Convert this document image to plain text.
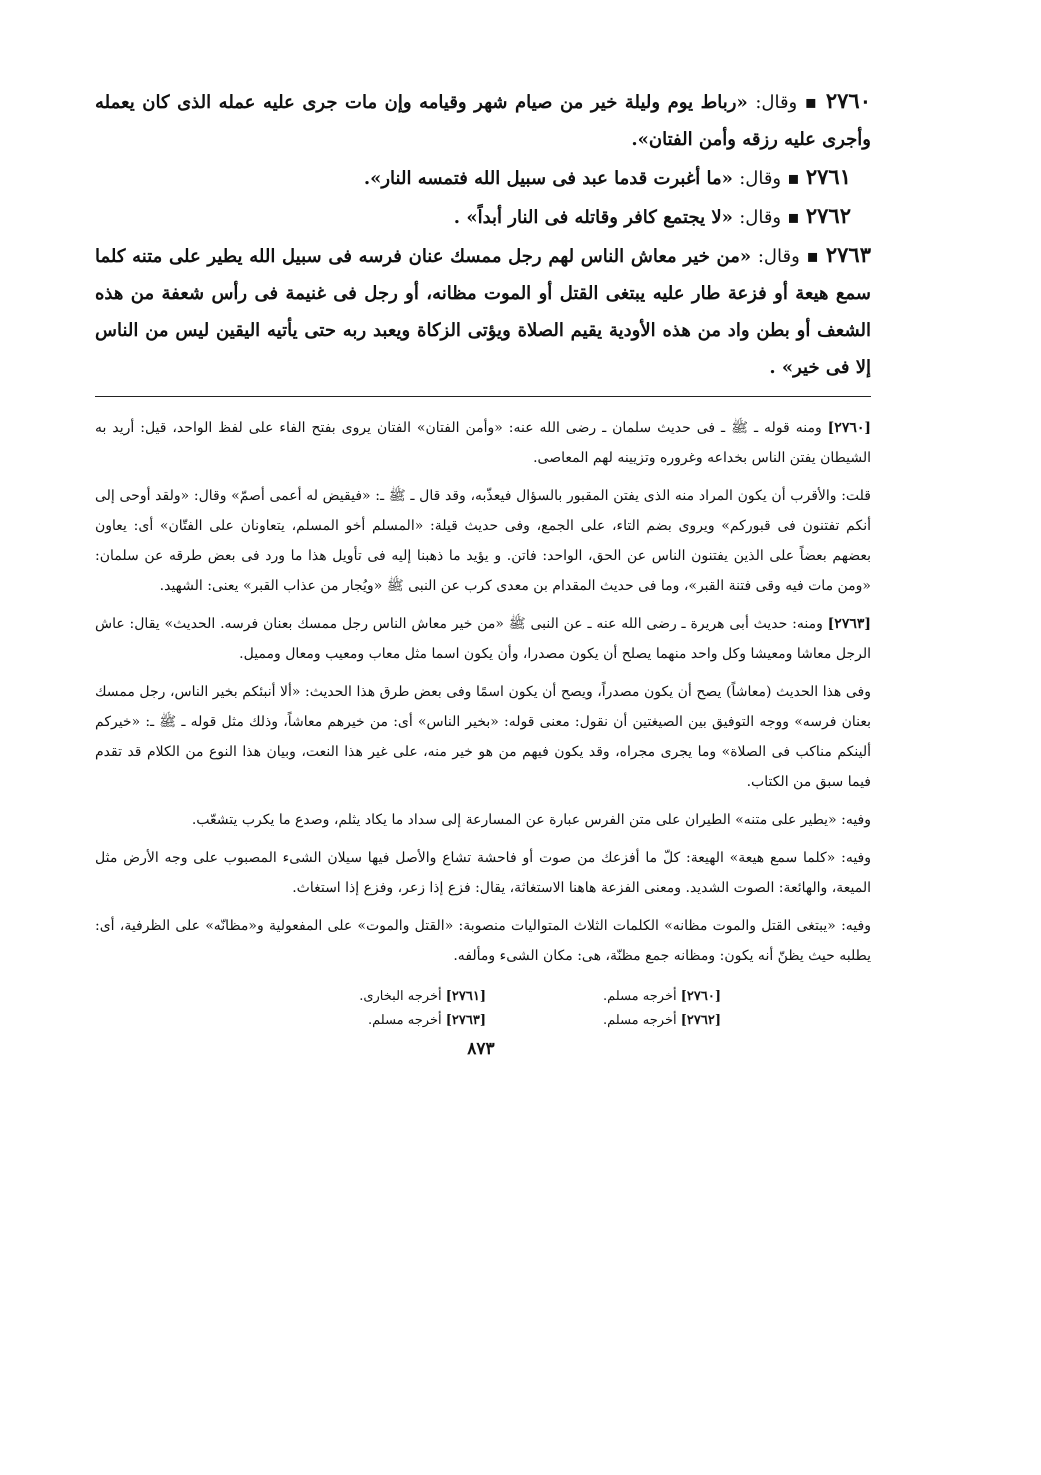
٢٧٦٠ ▪ وقال: «رباط يوم وليلة خير من صيام شهر وقيامه وإن مات جرى عليه عمله الذى كان يعمله وأجرى عليه رزقه وأمن الفتان».

٢٧٦١ ▪ وقال: «ما أغبرت قدما عبد فى سبيل الله فتمسه النار».

٢٧٦٢ ▪ وقال: «لا يجتمع كافر وقاتله فى النار أبداً» .

٢٧٦٣ ▪ وقال: «من خير معاش الناس لهم رجل ممسك عنان فرسه فى سبيل الله يطير على متنه كلما سمع هيعة أو فزعة طار عليه يبتغى القتل أو الموت مظانه، أو رجل فى غنيمة فى رأس شعفة من هذه الشعف أو بطن واد من هذه الأودية يقيم الصلاة ويؤتى الزكاة ويعبد ربه حتى يأتيه اليقين ليس من الناس إلا فى خير» .

[٢٧٦٠] ومنه قوله ـ ﷺ ـ فى حديث سلمان ـ رضى الله عنه: «وأمن الفتان» الفتان يروى بفتح الفاء على لفظ الواحد، قيل: أريد به الشيطان يفتن الناس بخداعه وغروره وتزيينه لهم المعاصى.

قلت: والأقرب أن يكون المراد منه الذى يفتن المقبور بالسؤال فيعذّبه، وقد قال ـ ﷺ ـ: «فيقيض له أعمى أصمّ» وقال: «ولقد أوحى إلى أنكم تفتنون فى قبوركم» ويروى بضم التاء، على الجمع، وفى حديث قيلة: «المسلم أخو المسلم، يتعاونان على الفتّان» أى: يعاون بعضهم بعضاً على الذين يفتنون الناس عن الحق، الواحد: فاتن. و يؤيد ما ذهبنا إليه فى تأويل هذا ما ورد فى بعض طرقه عن سلمان: «ومن مات فيه وقى فتنة القبر»، وما فى حديث المقدام بن معدى كرب عن النبى ﷺ «ويُجار من عذاب القبر» يعنى: الشهيد.

[٢٧٦٣] ومنه: حديث أبى هريرة ـ رضى الله عنه ـ عن النبى ﷺ «من خير معاش الناس رجل ممسك بعنان فرسه. الحديث» يقال: عاش الرجل معاشا ومعيشا وكل واحد منهما يصلح أن يكون مصدرا، وأن يكون اسما مثل معاب ومعيب ومعال ومميل.

وفى هذا الحديث (معاشاً) يصح أن يكون مصدراً، ويصح أن يكون اسمًا وفى بعض طرق هذا الحديث: «ألا أنبئكم بخير الناس، رجل ممسك بعنان فرسه» ووجه التوفيق بين الصيغتين أن نقول: معنى قوله: «بخير الناس» أى: من خيرهم معاشاً، وذلك مثل قوله ـ ﷺ ـ: «خيركم ألينكم مناكب فى الصلاة» وما يجرى مجراه، وقد يكون فيهم من هو خير منه، على غير هذا النعت، وبيان هذا النوع من الكلام قد تقدم فيما سبق من الكتاب.

وفيه: «يطير على متنه» الطيران على متن الفرس عبارة عن المسارعة إلى سداد ما يكاد يثلم، وصدع ما يكرب يتشعّب.

وفيه: «كلما سمع هيعة» الهيعة: كلّ ما أفزعك من صوت أو فاحشة تشاع والأصل فيها سيلان الشىء المصبوب على وجه الأرض مثل الميعة، والهائعة: الصوت الشديد. ومعنى الفزعة هاهنا الاستغاثة، يقال: فزع إذا زعر، وفزع إذا استغاث.

وفيه: «يبتغى القتل والموت مظانه» الكلمات الثلاث المتواليات منصوبة: «القتل والموت» على المفعولية و«مظانّه» على الظرفية، أى: يطلبه حيث يظنّ أنه يكون: ومظانه جمع مظنّة، هى: مكان الشىء ومألفه.

[٢٧٦٠] أخرجه مسلم.	[٢٧٦١] أخرجه البخارى.
[٢٧٦٢] أخرجه مسلم.	[٢٧٦٣] أخرجه مسلم.
٨٧٣
